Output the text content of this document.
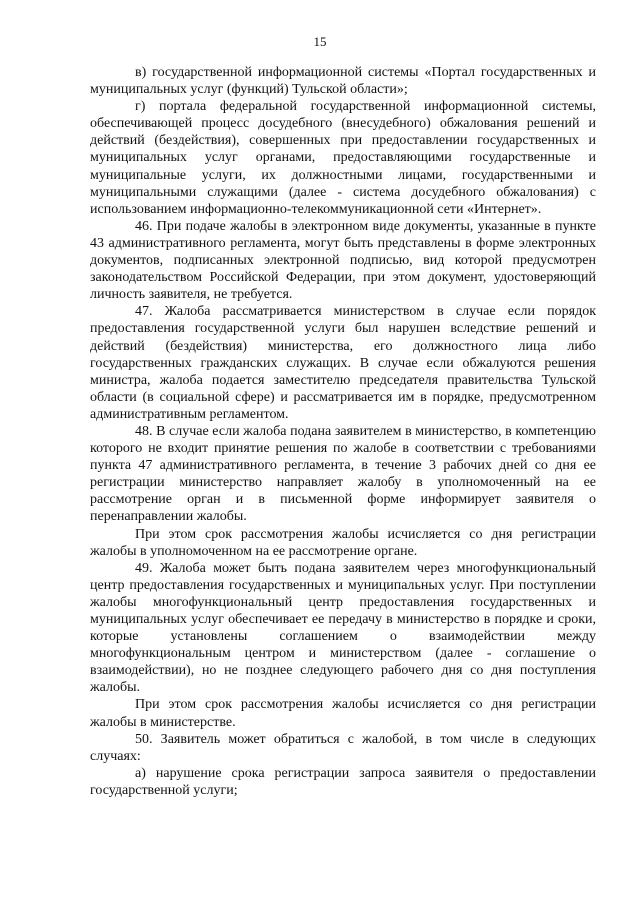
15

в) государственной информационной системы «Портал государственных и муниципальных услуг (функций) Тульской области»;

г) портала федеральной государственной информационной системы, обеспечивающей процесс досудебного (внесудебного) обжалования решений и действий (бездействия), совершенных при предоставлении государственных и муниципальных услуг органами, предоставляющими государственные и муниципальные услуги, их должностными лицами, государственными и муниципальными служащими (далее - система досудебного обжалования) с использованием информационно-телекоммуникационной сети «Интернет».

46. При подаче жалобы в электронном виде документы, указанные в пункте 43 административного регламента, могут быть представлены в форме электронных документов, подписанных электронной подписью, вид которой предусмотрен законодательством Российской Федерации, при этом документ, удостоверяющий личность заявителя, не требуется.

47. Жалоба рассматривается министерством в случае если порядок предоставления государственной услуги был нарушен вследствие решений и действий (бездействия) министерства, его должностного лица либо государственных гражданских служащих. В случае если обжалуются решения министра, жалоба подается заместителю председателя правительства Тульской области (в социальной сфере) и рассматривается им в порядке, предусмотренном административным регламентом.

48. В случае если жалоба подана заявителем в министерство, в компетенцию которого не входит принятие решения по жалобе в соответствии с требованиями пункта 47 административного регламента, в течение 3 рабочих дней со дня ее регистрации министерство направляет жалобу в уполномоченный на ее рассмотрение орган и в письменной форме информирует заявителя о перенаправлении жалобы.

При этом срок рассмотрения жалобы исчисляется со дня регистрации жалобы в уполномоченном на ее рассмотрение органе.

49. Жалоба может быть подана заявителем через многофункциональный центр предоставления государственных и муниципальных услуг. При поступлении жалобы многофункциональный центр предоставления государственных и муниципальных услуг обеспечивает ее передачу в министерство в порядке и сроки, которые установлены соглашением о взаимодействии между многофункциональным центром и министерством (далее - соглашение о взаимодействии), но не позднее следующего рабочего дня со дня поступления жалобы.

При этом срок рассмотрения жалобы исчисляется со дня регистрации жалобы в министерстве.

50. Заявитель может обратиться с жалобой, в том числе в следующих случаях:

а) нарушение срока регистрации запроса заявителя о предоставлении государственной услуги;
